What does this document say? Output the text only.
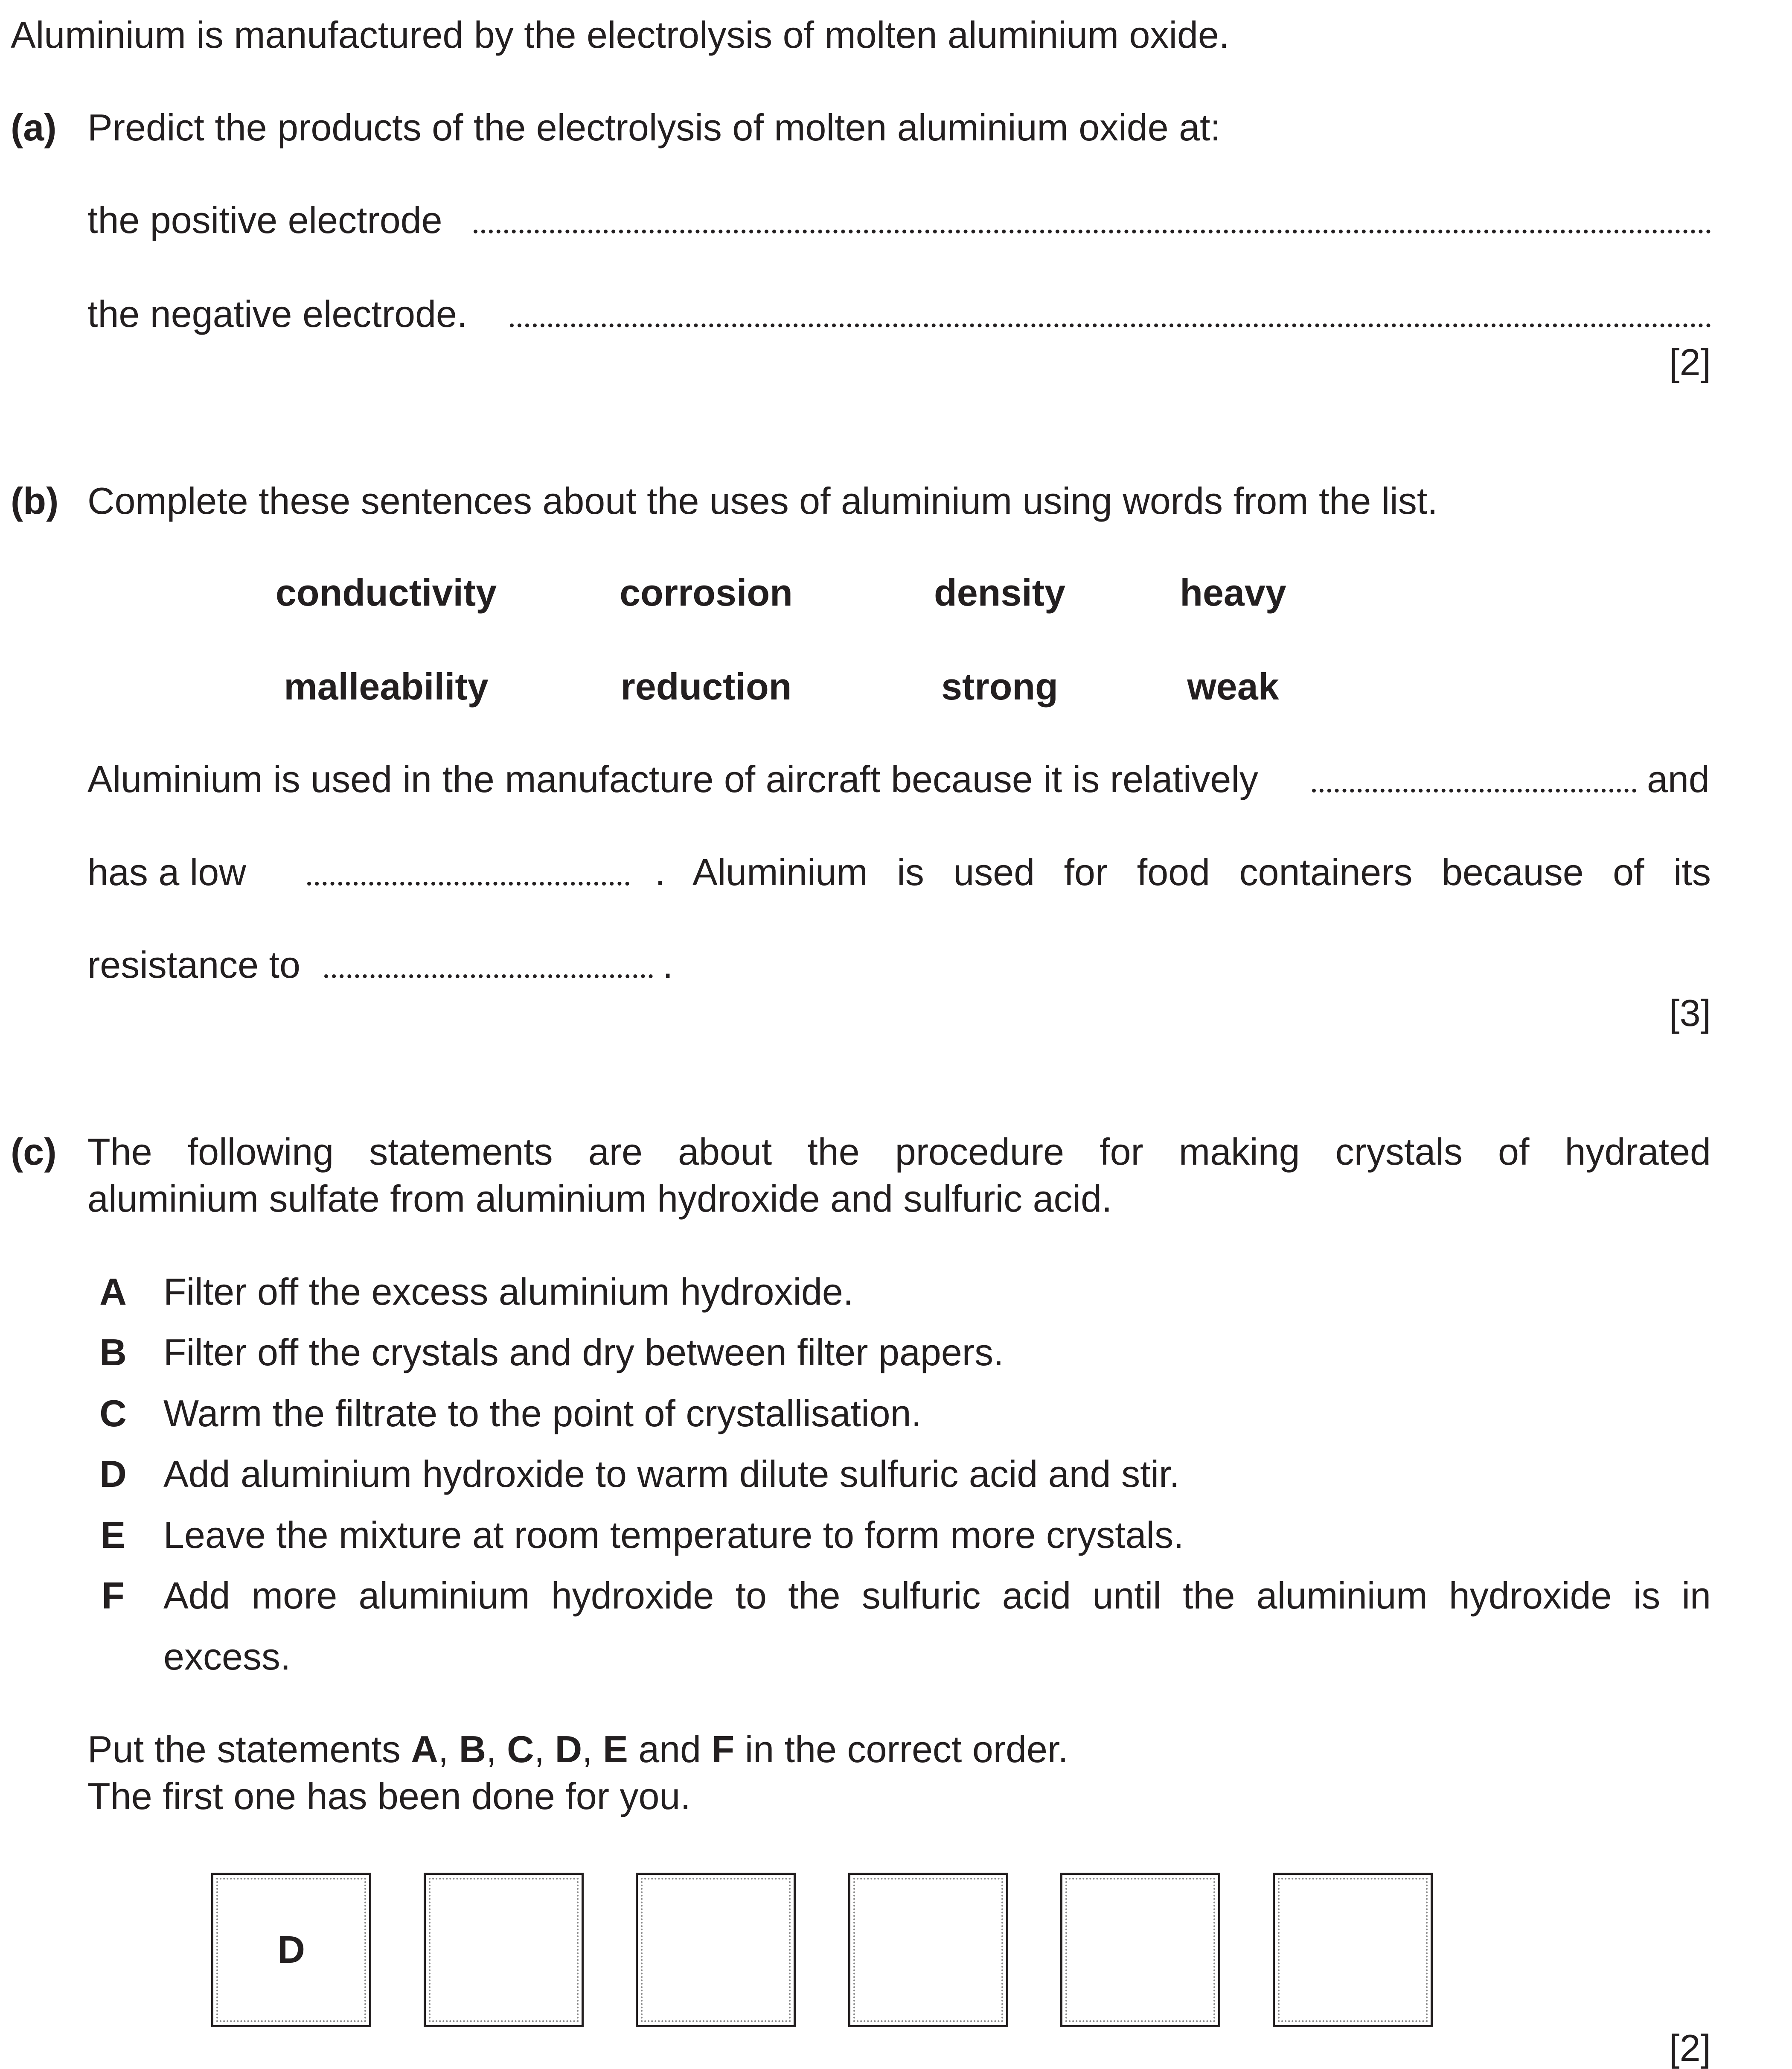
Aluminium is manufactured by the electrolysis of molten aluminium oxide.
(a) Predict the products of the electrolysis of molten aluminium oxide at:
the positive electrode
the negative electrode.
[2]
(b) Complete these sentences about the uses of aluminium using words from the list.
conductivity	corrosion	density	heavy
malleability	reduction	strong	weak
Aluminium is used in the manufacture of aircraft because it is relatively	and
has a low	. Aluminium is used for food containers because of its
resistance to	.
[3]
(c) The following statements are about the procedure for making crystals of hydrated
aluminium sulfate from aluminium hydroxide and sulfuric acid.
A Filter off the excess aluminium hydroxide.
B Filter off the crystals and dry between filter papers.
C Warm the filtrate to the point of crystallisation.
D Add aluminium hydroxide to warm dilute sulfuric acid and stir.
E Leave the mixture at room temperature to form more crystals.
F Add more aluminium hydroxide to the sulfuric acid until the aluminium hydroxide is in
excess.
Put the statements A, B, C, D, E and F in the correct order.
The first one has been done for you.
D
[2]
